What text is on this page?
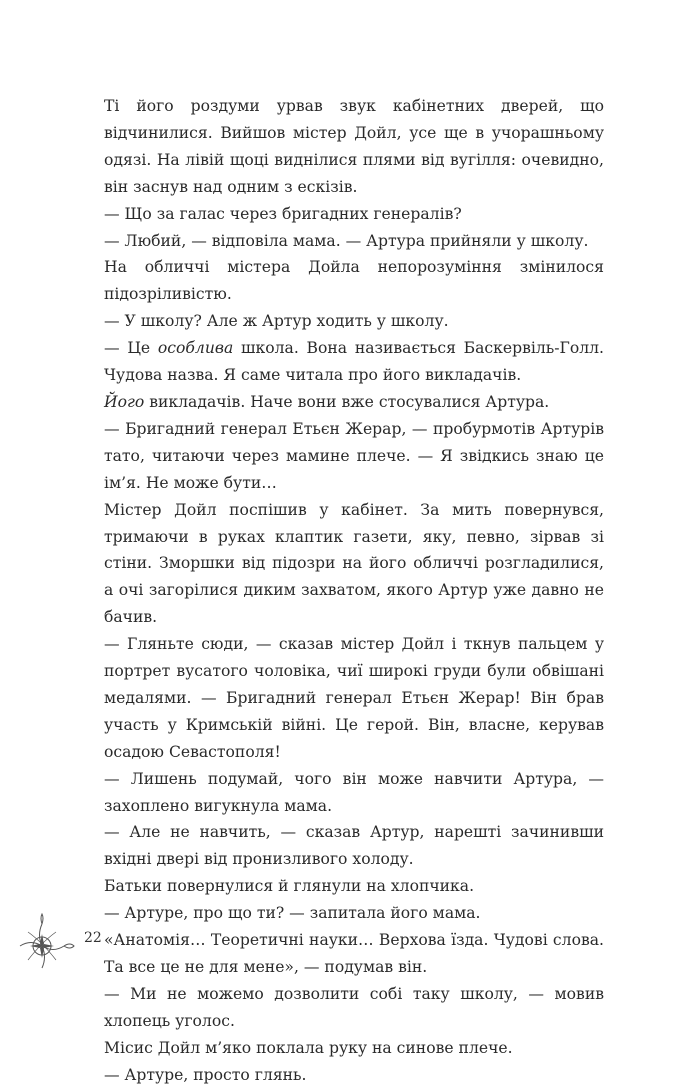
Ті його роздуми урвав звук кабінетних дверей, що відчинилися. Вийшов містер Дойл, усе ще в учорашньому одязі. На лівій щоці виднілися плями від вугілля: очевидно, він заснув над одним з ескізів.

— Що за галас через бригадних генералів?

— Любий, — відповіла мама. — Артура прийняли у школу.

На обличчі містера Дойла непорозуміння змінилося підозріливістю.

— У школу? Але ж Артур ходить у школу.

— Це особлива школа. Вона називається Баскервіль-Голл. Чудова назва. Я саме читала про його викладачів.

Його викладачів. Наче вони вже стосувалися Артура.

— Бригадний генерал Етьєн Жерар, — пробурмотів Артурів тато, читаючи через мамине плече. — Я звідкись знаю це ім’я. Не може бути…

Містер Дойл поспішив у кабінет. За мить повернувся, тримаючи в руках клаптик газети, яку, певно, зірвав зі стіни. Зморшки від підозри на його обличчі розгладилися, а очі загорілися диким захватом, якого Артур уже давно не бачив.

— Гляньте сюди, — сказав містер Дойл і ткнув пальцем у портрет вусатого чоловіка, чиї широкі груди були обвішані медалями. — Бригадний генерал Етьєн Жерар! Він брав участь у Кримській війні. Це герой. Він, власне, керував осадою Севастополя!

— Лишень подумай, чого він може навчити Артура, — захоплено вигукнула мама.

— Але не навчить, — сказав Артур, нарешті зачинивши вхідні двері від пронизливого холоду.

Батьки повернулися й глянули на хлопчика.

— Артуре, про що ти? — запитала його мама.

«Анатомія… Теоретичні науки… Верхова їзда. Чудові слова. Та все це не для мене», — подумав він.

— Ми не можемо дозволити собі таку школу, — мовив хлопець уголос.

Місис Дойл м’яко поклала руку на синове плече.

— Артуре, просто глянь.

22
